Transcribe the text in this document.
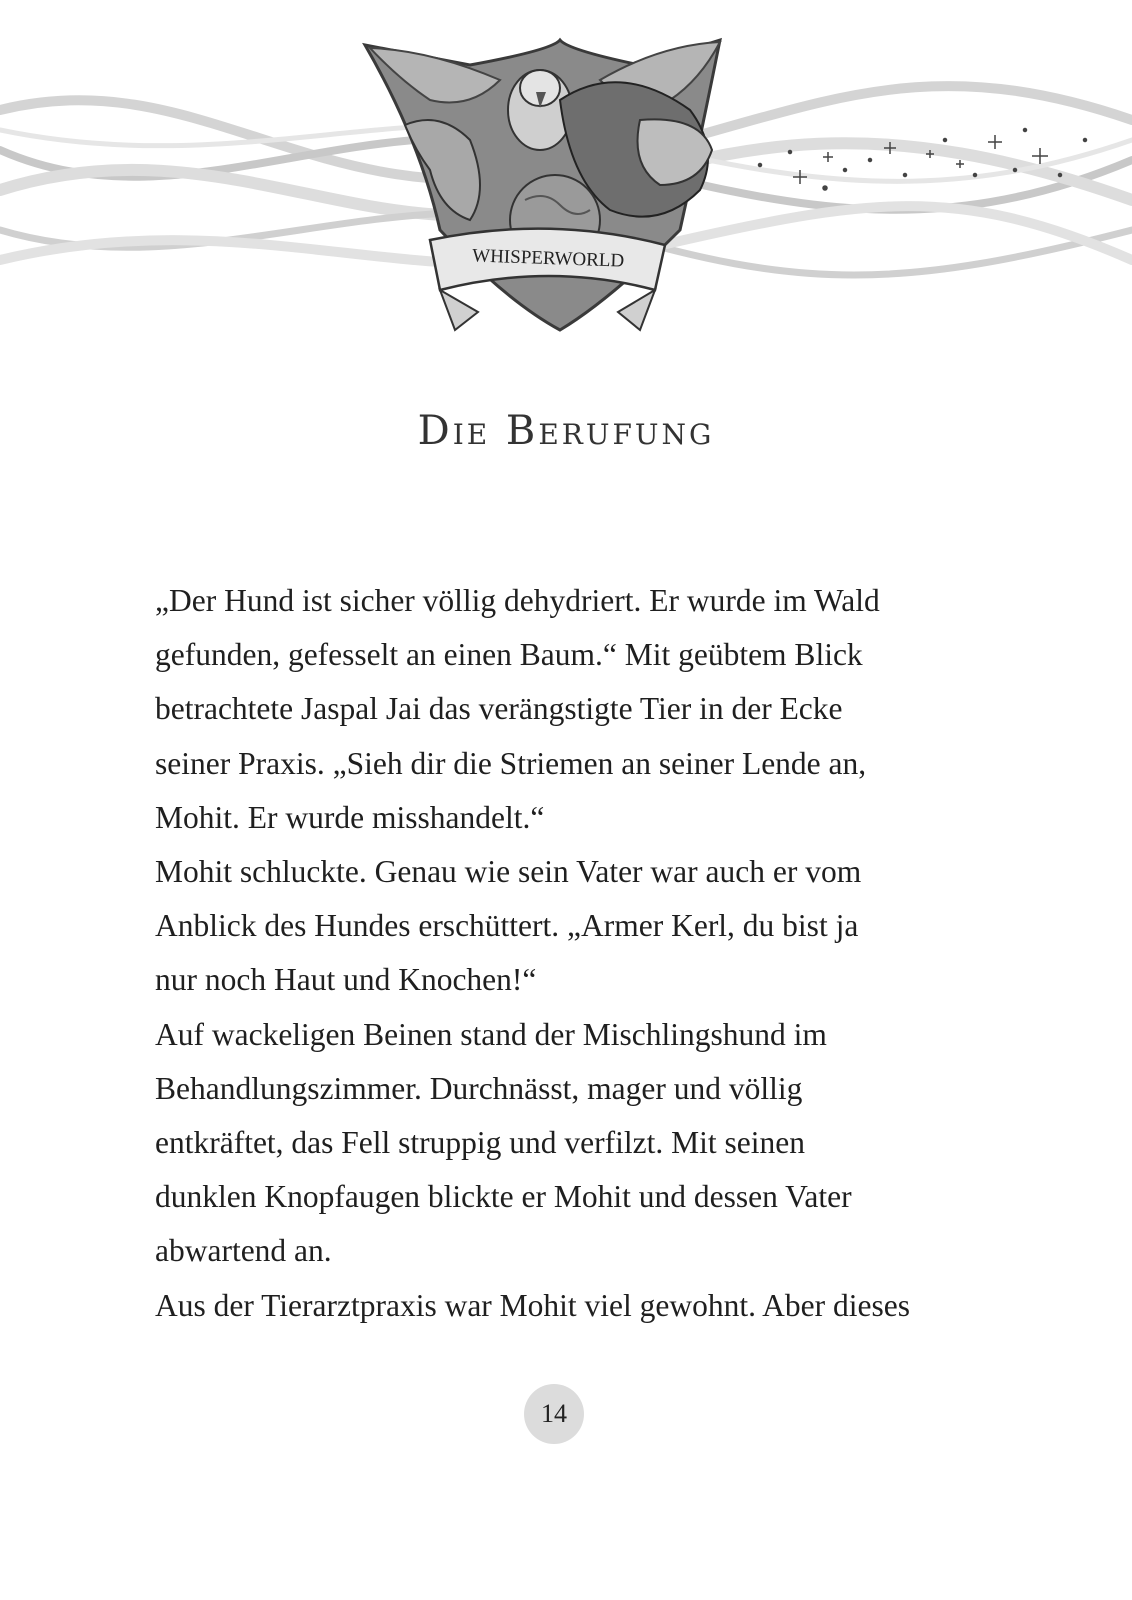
WHISPERWORLD
Die Berufung

„Der Hund ist sicher völlig dehydriert. Er wurde im Wald

gefunden, gefesselt an einen Baum.“ Mit geübtem Blick

betrachtete Jaspal Jai das verängstigte Tier in der Ecke

seiner Praxis. „Sieh dir die Striemen an seiner Lende an,

Mohit. Er wurde misshandelt.“

Mohit schluckte. Genau wie sein Vater war auch er vom

Anblick des Hundes erschüttert. „Armer Kerl, du bist ja

nur noch Haut und Knochen!“

Auf wackeligen Beinen stand der Mischlingshund im

Behandlungszimmer. Durchnässt, mager und völlig

entkräftet, das Fell struppig und verfilzt. Mit seinen

dunklen Knopfaugen blickte er Mohit und dessen Vater

abwartend an.

Aus der Tierarztpraxis war Mohit viel gewohnt. Aber dieses

14
